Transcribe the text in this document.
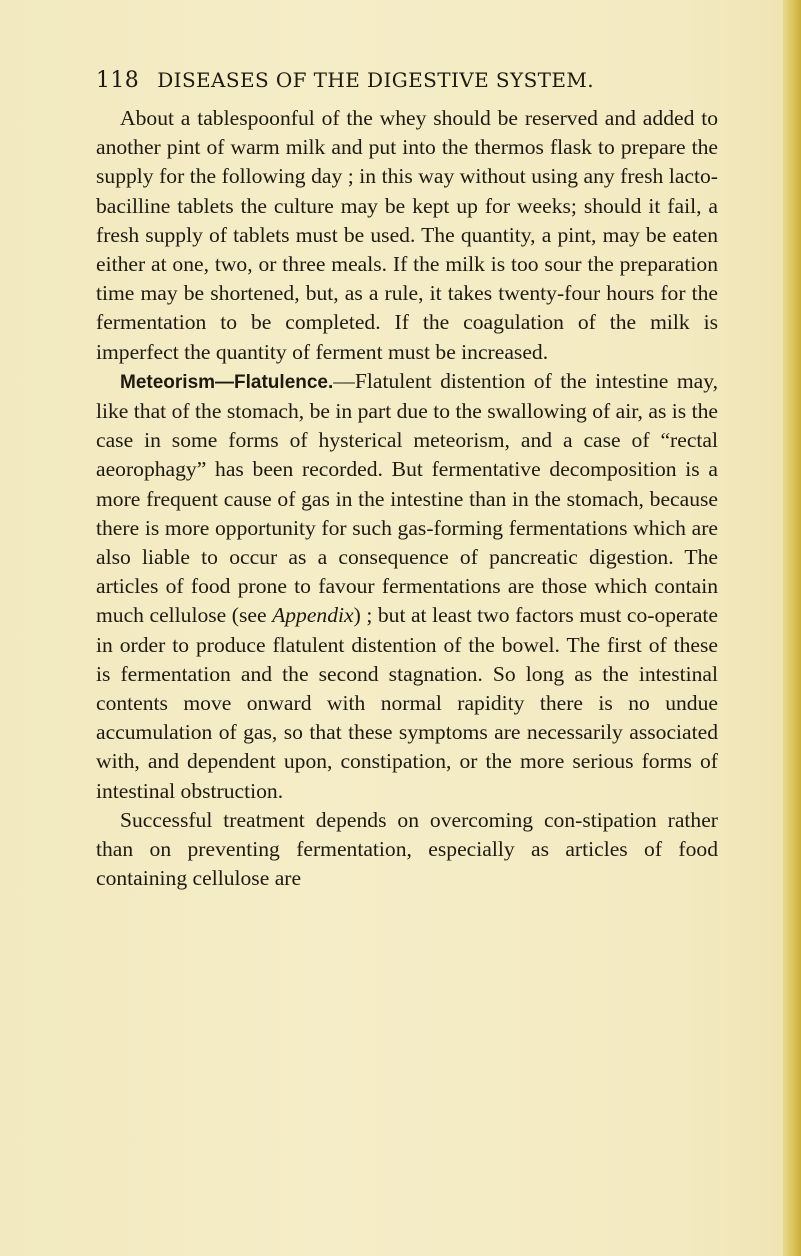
118 DISEASES OF THE DIGESTIVE SYSTEM.

About a tablespoonful of the whey should be reserved and added to another pint of warm milk and put into the thermos flask to prepare the supply for the following day ; in this way without using any fresh lacto-bacilline tablets the culture may be kept up for weeks; should it fail, a fresh supply of tablets must be used. The quantity, a pint, may be eaten either at one, two, or three meals. If the milk is too sour the preparation time may be shortened, but, as a rule, it takes twenty-four hours for the fermentation to be completed. If the coagulation of the milk is imperfect the quantity of ferment must be increased.

Meteorism—Flatulence.—Flatulent distention of the intestine may, like that of the stomach, be in part due to the swallowing of air, as is the case in some forms of hysterical meteorism, and a case of “rectal aeorophagy” has been recorded. But fermentative decomposition is a more frequent cause of gas in the intestine than in the stomach, because there is more opportunity for such gas-forming fermentations which are also liable to occur as a consequence of pancreatic digestion. The articles of food prone to favour fermentations are those which contain much cellulose (see Appendix) ; but at least two factors must co-operate in order to produce flatulent distention of the bowel. The first of these is fermentation and the second stagnation. So long as the intestinal contents move onward with normal rapidity there is no undue accumulation of gas, so that these symptoms are necessarily associated with, and dependent upon, constipation, or the more serious forms of intestinal obstruction.

Successful treatment depends on overcoming con-stipation rather than on preventing fermentation, especially as articles of food containing cellulose are
